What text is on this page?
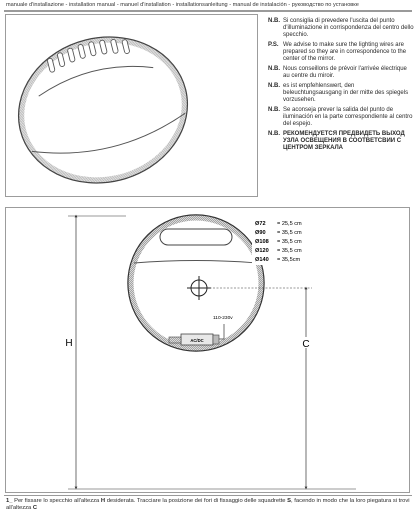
manuale d'installazione - installation manual - manuel d'installation - installationsanleitung - manual de instalación - руководство по установке
N.B. Si consiglia di prevedere l'uscita del punto d'illuminazione in corrispondenza del centro dello specchio.
P.S. We advise to make sure the lighting wires are prepared so they are in correspondence to the center of the mirror.
N.B. Nous conseillons de prévoir l'arrivée électrique au centre du miroir.
N.B. es ist empfehlenswert, den beleuchtungsausgang in der mitte des spiegels vorzusehen.
N.B. Se aconseja prever la salida del punto de iluminación en la parte correspondiente al centro del espejo.
N.B. РЕКОМЕНДУЕТСЯ ПРЕДВИДЕТЬ ВЫХОД УЗЛА ОСВЕЩЕНИЯ В СООТВЕТСВИИ С ЦЕНТРОМ ЗЕРКАЛА
AC/DC
110-230v
H	C
Ø72 = 25,5 cm
Ø90 = 35,5 cm
Ø108 = 35,5 cm
Ø120 = 35,5 cm
Ø140 = 35,5cm
1_ Per fissare lo specchio all'altezza H desiderata. Tracciare la posizione dei fori di fissaggio delle squadrette S, facendo in modo che la loro piegatura si trovi all'altezza C
